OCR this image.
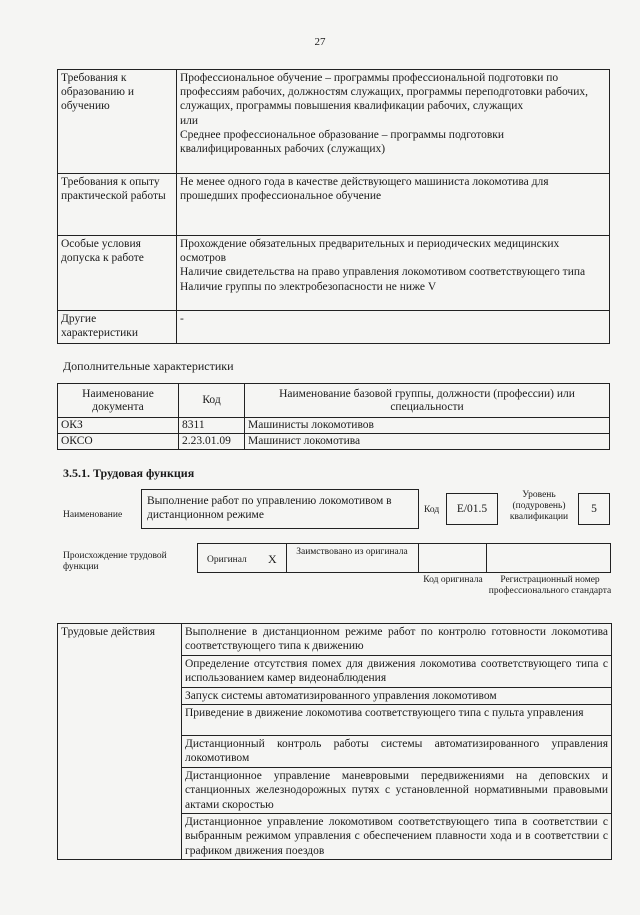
27
Требования к образованию и обучению	Профессиональное обучение – программы профессиональной подготовки по профессиям рабочих, должностям служащих, программы переподготовки рабочих, служащих, программы повышения квалификации рабочих, служащих
или
Среднее профессиональное образование – программы подготовки квалифицированных рабочих (служащих)

Требования к опыту практической работы	Не менее одного года в качестве действующего машиниста локомотива для прошедших профессиональное обучение

Особые условия допуска к работе	Прохождение обязательных предварительных и периодических медицинских осмотров
Наличие свидетельства на право управления локомотивом соответствующего типа
Наличие группы по электробезопасности не ниже V

Другие характеристики	-
Дополнительные характеристики
Наименование документа	Код	Наименование базовой группы, должности (профессии) или специальности
ОКЗ	8311	Машинисты локомотивов
ОКСО	2.23.01.09	Машинист локомотива
3.5.1. Трудовая функция
Наименование
Выполнение работ по управлению локомотивом в дистанционном режиме	Код	E/01.5
Уровень (подуровень) квалификации
5
Происхождение трудовой функции
Оригинал X Заимствовано из оригинала
Код оригинала	Регистрационный номер профессионального стандарта
Трудовые действия	Выполнение в дистанционном режиме работ по контролю готовности локомотива соответствующего типа к движению
Определение отсутствия помех для движения локомотива соответствующего типа с использованием камер видеонаблюдения
Запуск системы автоматизированного управления локомотивом
Приведение в движение локомотива соответствующего типа с пульта управления
Дистанционный контроль работы системы автоматизированного управления локомотивом
Дистанционное управление маневровыми передвижениями на деповских и станционных железнодорожных путях с установленной нормативными правовыми актами скоростью
Дистанционное управление локомотивом соответствующего типа в соответствии с выбранным режимом управления с обеспечением плавности хода и в соответствии с графиком движения поездов
